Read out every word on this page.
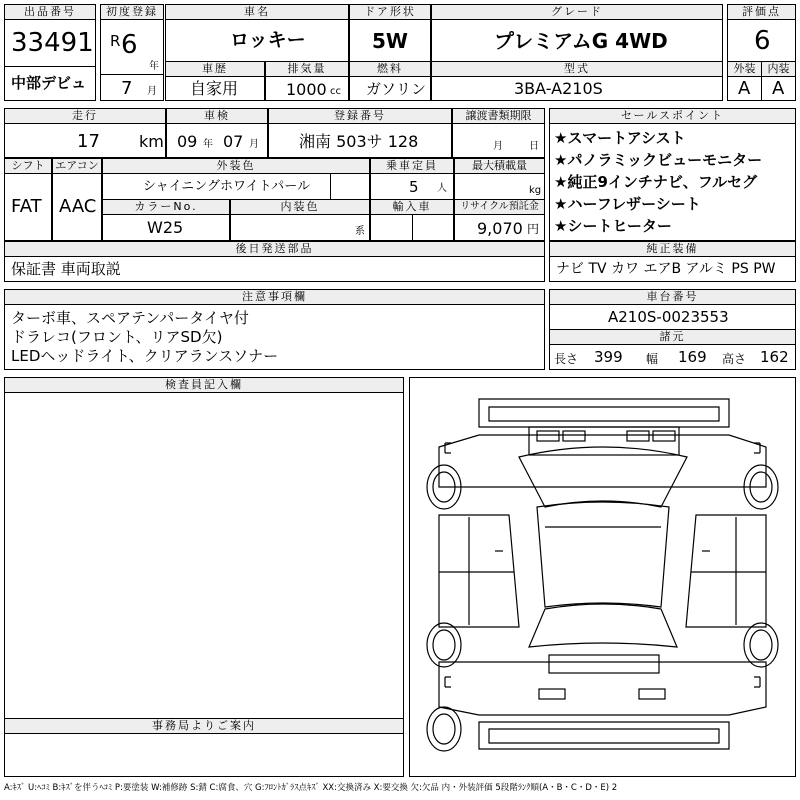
出品番号
33491
中部デビュ
初度登録
R 6
年
7 月
車名
ロッキー
ドア形状
5W
グレード
プレミアムG 4WD
評価点
6
車歴
自家用
排気量
1000 cc
燃料
ガソリン
型式
3BA-A210S
外装
A
内装
A
走行
17 km
車検
09 年 07 月
登録番号
湘南 503サ 128
譲渡書類期限
月	日
シフト
FAT
エアコン
AAC
外装色
シャイニングホワイトパール
乗車定員
5 人
最大積載量
kg
カラーNo.
W25
内装色
系
輸入車	リサイクル預託金
9,070 円
セールスポイント
★スマートアシスト
★パノラミックビューモニター
★純正9インチナビ、フルセグ
★ハーフレザーシート
★シートヒーター
後日発送部品
保証書 車両取説
純正装備
ナビ TV カワ エアB アルミ PS PW
注意事項欄
ターボ車、スペアテンパータイヤ付
ドラレコ(フロント、リアSD欠)
LEDヘッドライト、クリアランスソナー
車台番号
A210S-0023553
諸元
長さ 399 幅 169 高さ 162
検査員記入欄
事務局よりご案内
A:ｷｽﾞ U:ﾍｺﾐ B:ｷｽﾞを伴うﾍｺﾐ P:要塗装 W:補修跡 S:錆 C:腐食、穴 G:ﾌﾛﾝﾄｶﾞﾗｽ点ｷｽﾞ XX:交換済み X:要交換 欠:欠品 内・外装評価 5段階ﾗﾝｸ順(A・B・C・D・E) 2
